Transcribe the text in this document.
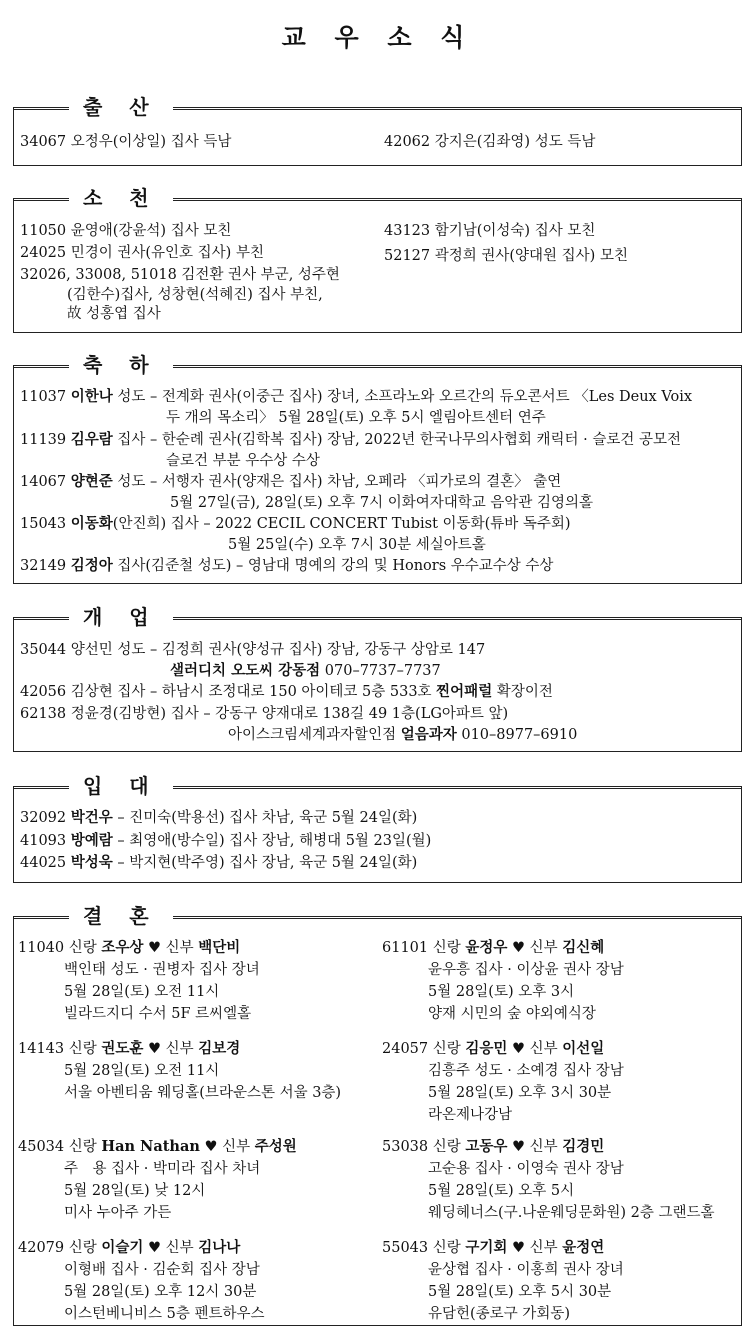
교 우 소 식
출 산
34067 오정우(이상일) 집사 득남	42062 강지은(김좌영) 성도 득남
소 천
11050 윤영애(강윤석) 집사 모친
24025 민경이 권사(유인호 집사) 부친
32026, 33008, 51018 김전환 권사 부군, 성주현
(김한수)집사, 성창현(석혜진) 집사 부친,
故 성홍엽 집사
43123 함기남(이성숙) 집사 모친
52127 곽정희 권사(양대원 집사) 모친
축 하
11037 이한나 성도 – 전계화 권사(이중근 집사) 장녀, 소프라노와 오르간의 듀오콘서트 〈Les Deux Voix
두 개의 목소리〉 5월 28일(토) 오후 5시 엘림아트센터 연주
11139 김우람 집사 – 한순례 권사(김학복 집사) 장남, 2022년 한국나무의사협회 캐릭터 · 슬로건 공모전
슬로건 부분 우수상 수상
14067 양현준 성도 – 서행자 권사(양재은 집사) 차남, 오페라 〈피가로의 결혼〉 출연
5월 27일(금), 28일(토) 오후 7시 이화여자대학교 음악관 김영의홀
15043 이동화(안진희) 집사 – 2022 CECIL CONCERT Tubist 이동화(튜바 독주회)
5월 25일(수) 오후 7시 30분 세실아트홀
32149 김정아 집사(김준철 성도) – 영남대 명예의 강의 및 Honors 우수교수상 수상
개 업
35044 양선민 성도 – 김정희 권사(양성규 집사) 장남, 강동구 상암로 147
샐러디치 오도씨 강동점 070–7737–7737
42056 김상현 집사 – 하남시 조정대로 150 아이테코 5층 533호 찐어패럴 확장이전
62138 정윤경(김방현) 집사 – 강동구 양재대로 138길 49 1층(LG아파트 앞)
아이스크림세계과자할인점 얼음과자 010–8977–6910
입 대
32092 박건우 – 진미숙(박용선) 집사 차남, 육군 5월 24일(화)
41093 방예람 – 최영애(방수일) 집사 장남, 해병대 5월 23일(월)
44025 박성욱 – 박지현(박주영) 집사 장남, 육군 5월 24일(화)
결 혼
11040 신랑 조우상 ♥ 신부 백단비
백인태 성도 · 권병자 집사 장녀
5월 28일(토) 오전 11시
빌라드지디 수서 5F 르씨엘홀
61101 신랑 윤정우 ♥ 신부 김신혜
윤우흥 집사 · 이상윤 권사 장남
5월 28일(토) 오후 3시
양재 시민의 숲 야외예식장
14143 신랑 권도훈 ♥ 신부 김보경
5월 28일(토) 오전 11시
서울 아벤티움 웨딩홀(브라운스톤 서울 3층)
24057 신랑 김응민 ♥ 신부 이선일
김흥주 성도 · 소예경 집사 장남
5월 28일(토) 오후 3시 30분
라온제나강남
45034 신랑 Han Nathan ♥ 신부 주성원
주　용 집사 · 박미라 집사 차녀
5월 28일(토) 낮 12시
미사 누아주 가든
53038 신랑 고동우 ♥ 신부 김경민
고순용 집사 · 이영숙 권사 장남
5월 28일(토) 오후 5시
웨딩헤너스(구.나운웨딩문화원) 2층 그랜드홀
42079 신랑 이슬기 ♥ 신부 김나나
이형배 집사 · 김순회 집사 장남
5월 28일(토) 오후 12시 30분
이스턴베니비스 5층 펜트하우스
55043 신랑 구기회 ♥ 신부 윤정연
윤상협 집사 · 이홍희 권사 장녀
5월 28일(토) 오후 5시 30분
유담헌(종로구 가회동)
